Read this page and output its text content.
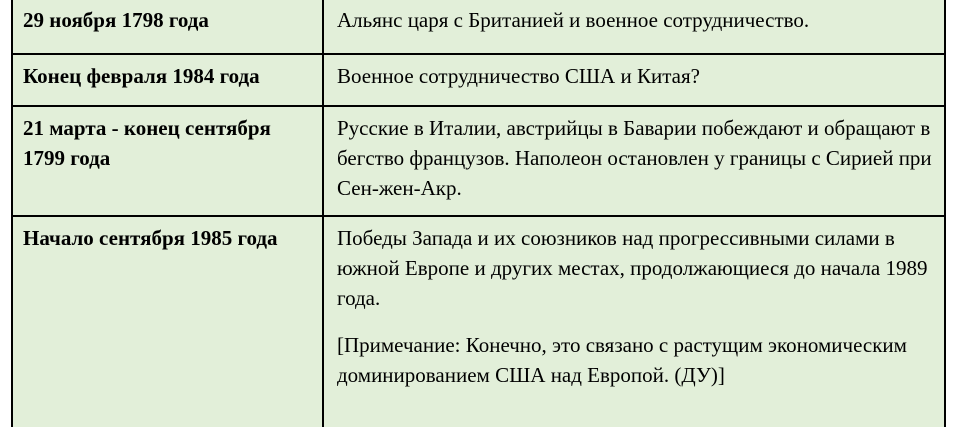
29 ноября 1798 года	Альянс царя с Британией и военное сотрудничество.

Конец февраля 1984 года	Военное сотрудничество США и Китая?

21 марта - конец сентября 1799 года	Русские в Италии, австрийцы в Баварии побеждают и обращают в бегство французов. Наполеон остановлен у границы с Сирией при Сен-жен-Акр.

Начало сентября 1985 года	Победы Запада и их союзников над прогрессивными силами в южной Европе и других местах, продолжающиеся до начала 1989 года.

[Примечание: Конечно, это связано с растущим экономическим доминированием США над Европой. (ДУ)]
